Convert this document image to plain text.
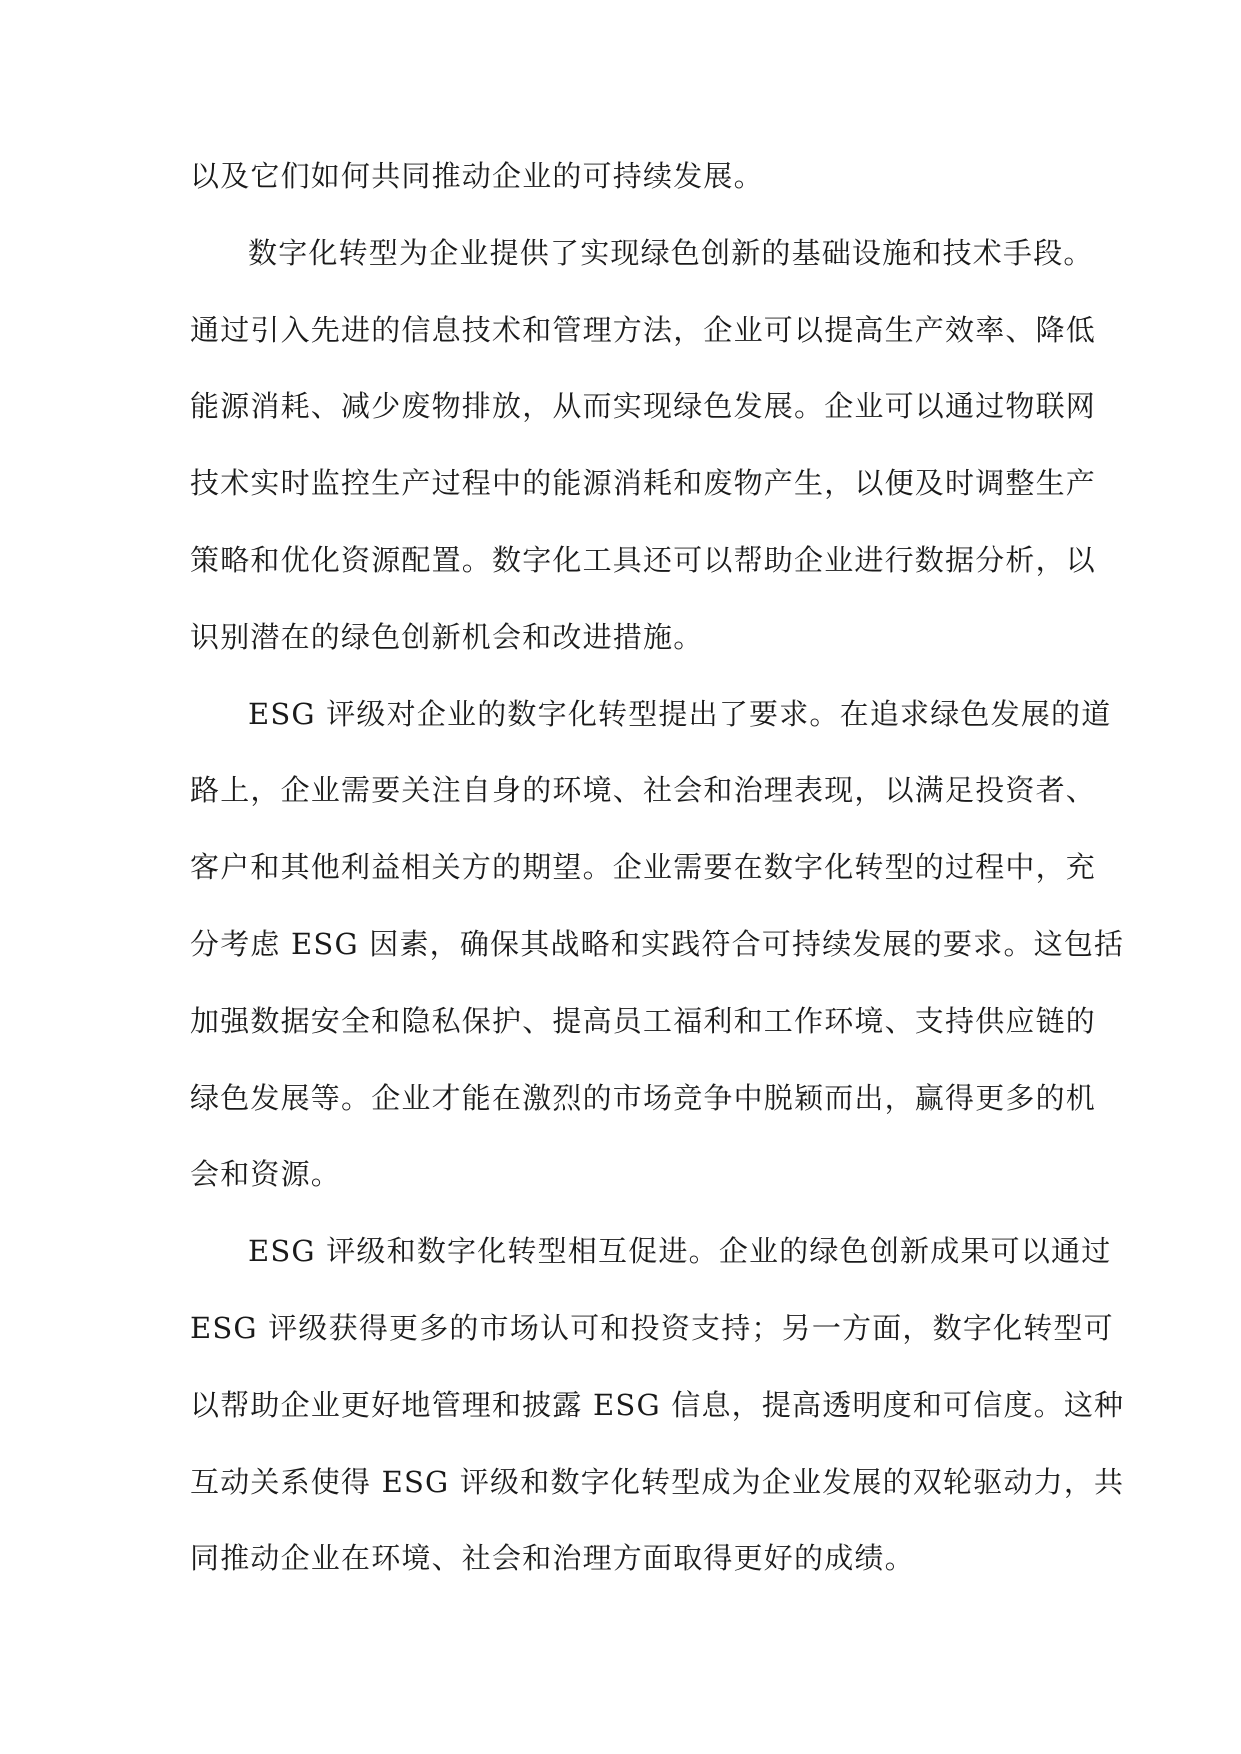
以及它们如何共同推动企业的可持续发展。
数字化转型为企业提供了实现绿色创新的基础设施和技术手段。
通过引入先进的信息技术和管理方法，企业可以提高生产效率、降低
能源消耗、减少废物排放，从而实现绿色发展。企业可以通过物联网
技术实时监控生产过程中的能源消耗和废物产生，以便及时调整生产
策略和优化资源配置。数字化工具还可以帮助企业进行数据分析，以
识别潜在的绿色创新机会和改进措施。
ESG 评级对企业的数字化转型提出了要求。在追求绿色发展的道
路上，企业需要关注自身的环境、社会和治理表现，以满足投资者、
客户和其他利益相关方的期望。企业需要在数字化转型的过程中，充
分考虑 ESG 因素，确保其战略和实践符合可持续发展的要求。这包括
加强数据安全和隐私保护、提高员工福利和工作环境、支持供应链的
绿色发展等。企业才能在激烈的市场竞争中脱颖而出，赢得更多的机
会和资源。
ESG 评级和数字化转型相互促进。企业的绿色创新成果可以通过
ESG 评级获得更多的市场认可和投资支持；另一方面，数字化转型可
以帮助企业更好地管理和披露 ESG 信息，提高透明度和可信度。这种
互动关系使得 ESG 评级和数字化转型成为企业发展的双轮驱动力，共
同推动企业在环境、社会和治理方面取得更好的成绩。
